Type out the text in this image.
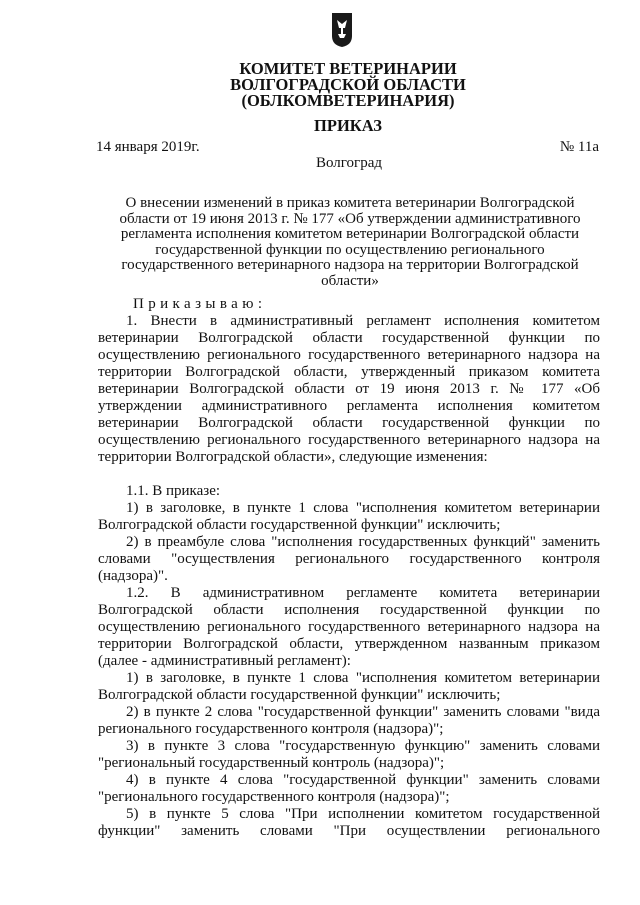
КОМИТЕТ ВЕТЕРИНАРИИ
ВОЛГОГРАДСКОЙ ОБЛАСТИ
(ОБЛКОМВЕТЕРИНАРИЯ)
ПРИКАЗ
14 января 2019г.	№ 11а
Волгоград
О внесении изменений в приказ комитета ветеринарии Волгоградской
области от 19 июня 2013 г. № 177 «Об утверждении административного
регламента исполнения комитетом ветеринарии Волгоградской области
государственной функции по осуществлению регионального
государственного ветеринарного надзора на территории Волгоградской
области»
Приказываю:
1. Внести в административный регламент исполнения комитетом
ветеринарии Волгоградской области государственной функции по
осуществлению регионального государственного ветеринарного надзора на
территории Волгоградской области, утвержденный приказом комитета
ветеринарии Волгоградской области от 19 июня 2013 г. № 177 «Об
утверждении административного регламента исполнения комитетом
ветеринарии Волгоградской области государственной функции по
осуществлению регионального государственного ветеринарного надзора на
территории Волгоградской области», следующие изменения:
1.1. В приказе:
1) в заголовке, в пункте 1 слова "исполнения комитетом ветеринарии
Волгоградской области государственной функции" исключить;
2) в преамбуле слова "исполнения государственных функций" заменить
словами "осуществления регионального государственного контроля
(надзора)".
1.2. В административном регламенте комитета ветеринарии
Волгоградской области исполнения государственной функции по
осуществлению регионального государственного ветеринарного надзора на
территории Волгоградской области, утвержденном названным приказом
(далее - административный регламент):
1) в заголовке, в пункте 1 слова "исполнения комитетом ветеринарии
Волгоградской области государственной функции" исключить;
2) в пункте 2 слова "государственной функции" заменить словами "вида
регионального государственного контроля (надзора)";
3) в пункте 3 слова "государственную функцию" заменить словами
"региональный государственный контроль (надзора)";
4) в пункте 4 слова "государственной функции" заменить словами
"регионального государственного контроля (надзора)";
5) в пункте 5 слова "При исполнении комитетом государственной
функции" заменить словами "При осуществлении регионального
